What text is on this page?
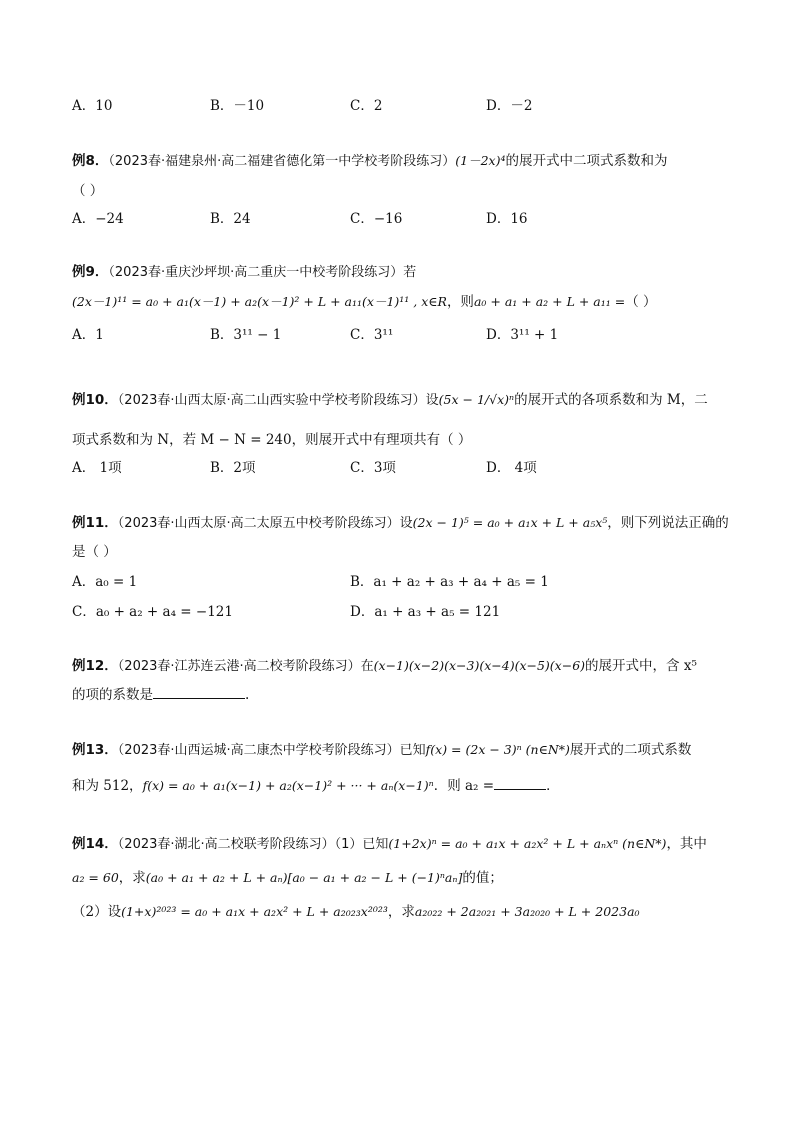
A．10	B．－10	C．2	D．－2
例8．（2023春·福建泉州·高二福建省德化第一中学校考阶段练习）(1－2x)⁴的展开式中二项式系数和为
（ ）
A．−24	B．24	C．−16	D．16
例9．（2023春·重庆沙坪坝·高二重庆一中校考阶段练习）若
(2x－1)¹¹ = a₀ + a₁(x－1) + a₂(x－1)² + L + a₁₁(x－1)¹¹ , x∈R，则a₀ + a₁ + a₂ + L + a₁₁ =（ ）
A．1	B．3¹¹ − 1	C．3¹¹	D．3¹¹ + 1
例10．（2023春·山西太原·高二山西实验中学校考阶段练习）设(5x − 1/√x)ⁿ的展开式的各项系数和为 M，二
项式系数和为 N，若 M − N = 240，则展开式中有理项共有（ ）
A． 1项	B．2项	C．3项	D． 4项
例11．（2023春·山西太原·高二太原五中校考阶段练习）设(2x − 1)⁵ = a₀ + a₁x + L + a₅x⁵，则下列说法正确的
是（ ）
A．a₀ = 1	B．a₁ + a₂ + a₃ + a₄ + a₅ = 1
C．a₀ + a₂ + a₄ = −121	D．a₁ + a₃ + a₅ = 121
例12．（2023春·江苏连云港·高二校考阶段练习）在(x−1)(x−2)(x−3)(x−4)(x−5)(x−6)的展开式中，含 x⁵
的项的系数是	.
例13．（2023春·山西运城·高二康杰中学校考阶段练习）已知f(x) = (2x − 3)ⁿ (n∈N*)展开式的二项式系数
和为 512，f(x) = a₀ + a₁(x−1) + a₂(x−1)² + ··· + aₙ(x−1)ⁿ．则 a₂ =	．
例14．（2023春·湖北·高二校联考阶段练习）（1）已知(1+2x)ⁿ = a₀ + a₁x + a₂x² + L + aₙxⁿ (n∈N*)，其中
a₂ = 60，求(a₀ + a₁ + a₂ + L + aₙ)[a₀ − a₁ + a₂ − L + (−1)ⁿaₙ]的值；
（2）设(1+x)²⁰²³ = a₀ + a₁x + a₂x² + L + a₂₀₂₃x²⁰²³，求a₂₀₂₂ + 2a₂₀₂₁ + 3a₂₀₂₀ + L + 2023a₀
